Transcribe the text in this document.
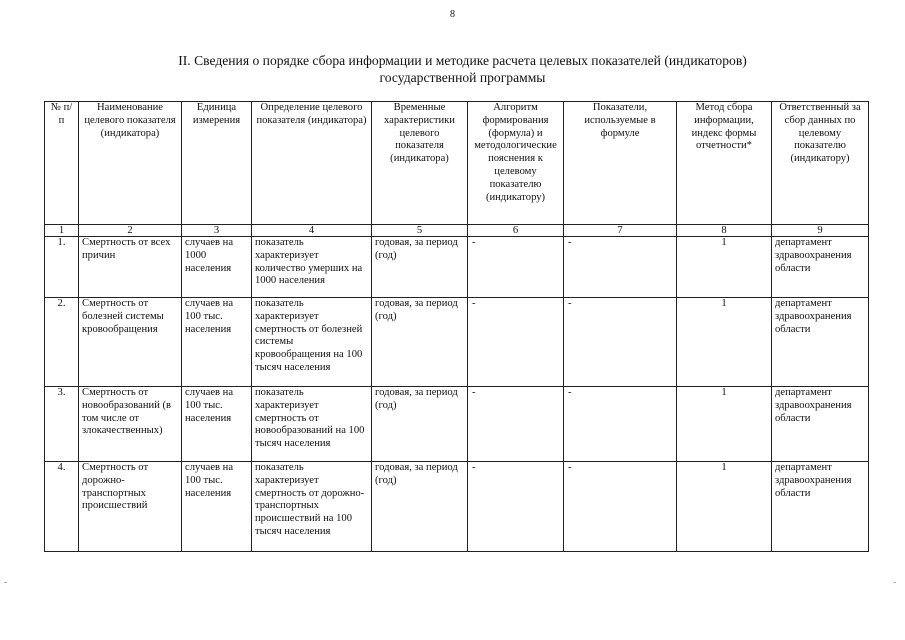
8
II. Сведения о порядке сбора информации и методике расчета целевых показателей (индикаторов)
государственной программы
№ п/п	Наименование целевого показателя (индикатора)	Единица измерения	Определение целевого показателя (индикатора)	Временные характеристики целевого показателя (индикатора)	Алгоритм формирования (формула) и методологические пояснения к целевому показателю (индикатору)	Показатели, используемые в формуле	Метод сбора информации, индекс формы отчетности*	Ответственный за сбор данных по целевому показателю (индикатору)
1	2	3	4	5	6	7	8	9
1.	Смертность от всех причин	случаев на 1000 населения	показатель характеризует количество умерших на 1000 населения	годовая, за период (год)	-	-	1	департамент здравоохранения области
2.	Смертность от болезней системы кровообращения	случаев на 100 тыс. населения	показатель характеризует смертность от болезней системы кровообращения на 100 тысяч населения	годовая, за период (год)	-	-	1	департамент здравоохранения области
3.	Смертность от новообразований (в том числе от злокачественных)	случаев на 100 тыс. населения	показатель характеризует смертность от новообразований на 100 тысяч населения	годовая, за период (год)	-	-	1	департамент здравоохранения области
4.	Смертность от дорожно-транспортных происшествий	случаев на 100 тыс. населения	показатель характеризует смертность от дорожно-транспортных происшествий на 100 тысяч населения	годовая, за период (год)	-	-	1	департамент здравоохранения области
-	-
